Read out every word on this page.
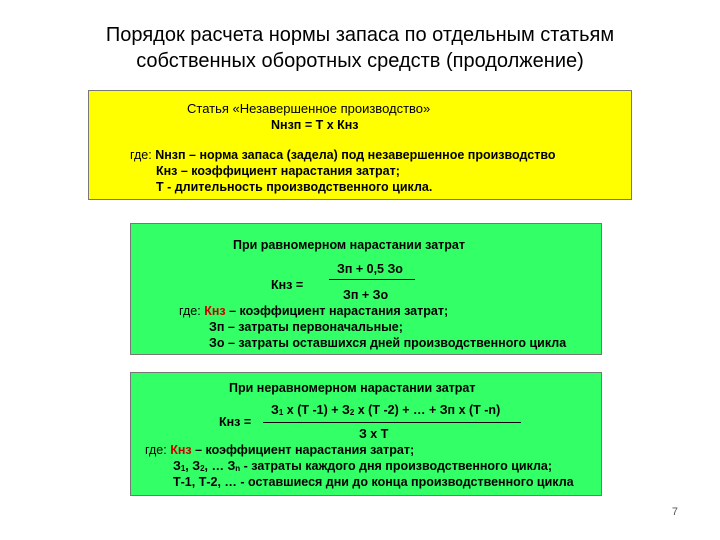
Порядок расчета нормы запаса по отдельным статьям
собственных оборотных средств (продолжение)
Статья «Незавершенное производство»
Nнзп = Т х Кнз
где: Nнзп – норма запаса (задела) под незавершенное производство
Кнз – коэффициент нарастания затрат;
Т - длительность производственного цикла.
При равномерном нарастании затрат
Зп + 0,5 Зо
Кнз =
Зп + Зо
где: Кнз – коэффициент нарастания затрат;
Зп – затраты первоначальные;
Зо – затраты оставшихся дней производственного цикла
При неравномерном нарастании затрат
$З_1$ х (Т $-1) + З_2$ х (Т -2) + … + Зп х (Т -n)
Кнз =
З х Т
где: Кнз – коэффициент нарастания затрат;
$З_1$, $З_2$, … $З_n$ - затраты каждого дня производственного цикла;
Т-1, Т-2, … - оставшиеся дни до конца производственного цикла
7
